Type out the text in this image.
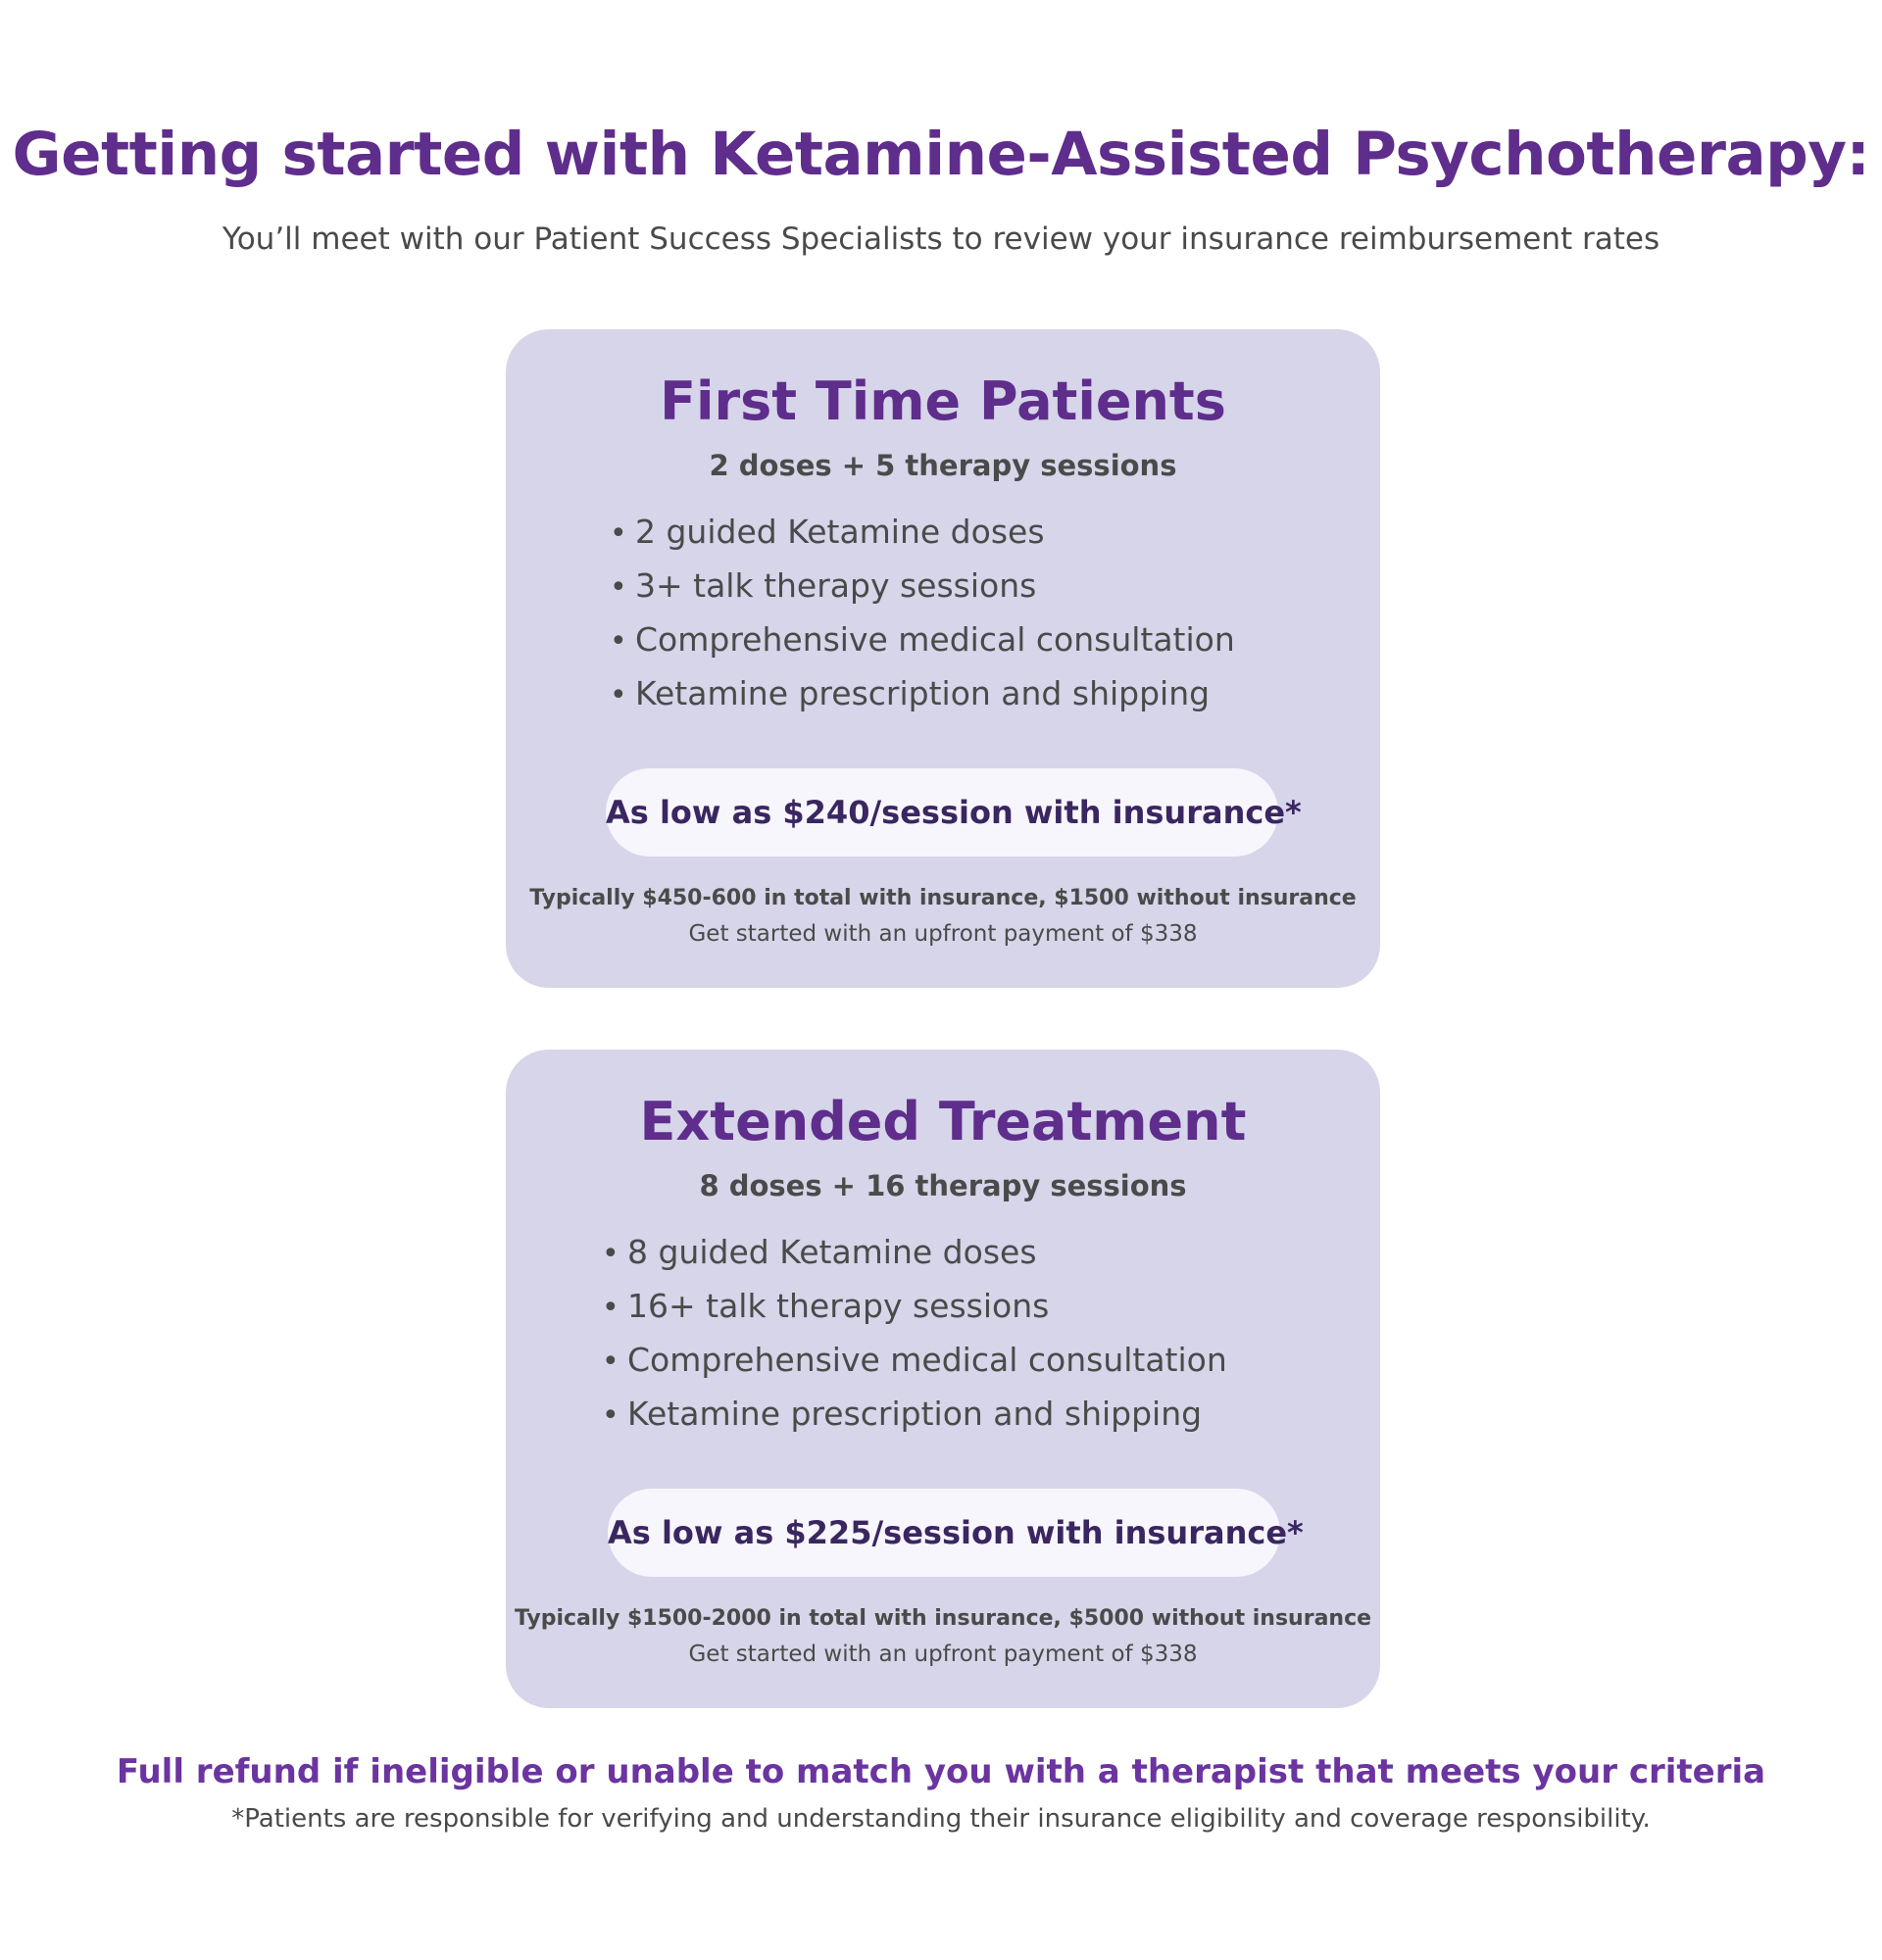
Getting started with Ketamine-Assisted Psychotherapy:

You’ll meet with our Patient Success Specialists to review your insurance reimbursement rates

First Time Patients
2 doses + 5 therapy sessions
• 2 guided Ketamine doses
• 3+ talk therapy sessions
• Comprehensive medical consultation
• Ketamine prescription and shipping
As low as $240/session with insurance*
Typically $450-600 in total with insurance, $1500 without insurance
Get started with an upfront payment of $338
Extended Treatment
8 doses + 16 therapy sessions
• 8 guided Ketamine doses
• 16+ talk therapy sessions
• Comprehensive medical consultation
• Ketamine prescription and shipping
As low as $225/session with insurance*
Typically $1500-2000 in total with insurance, $5000 without insurance
Get started with an upfront payment of $338
Full refund if ineligible or unable to match you with a therapist that meets your criteria
*Patients are responsible for verifying and understanding their insurance eligibility and coverage responsibility.
